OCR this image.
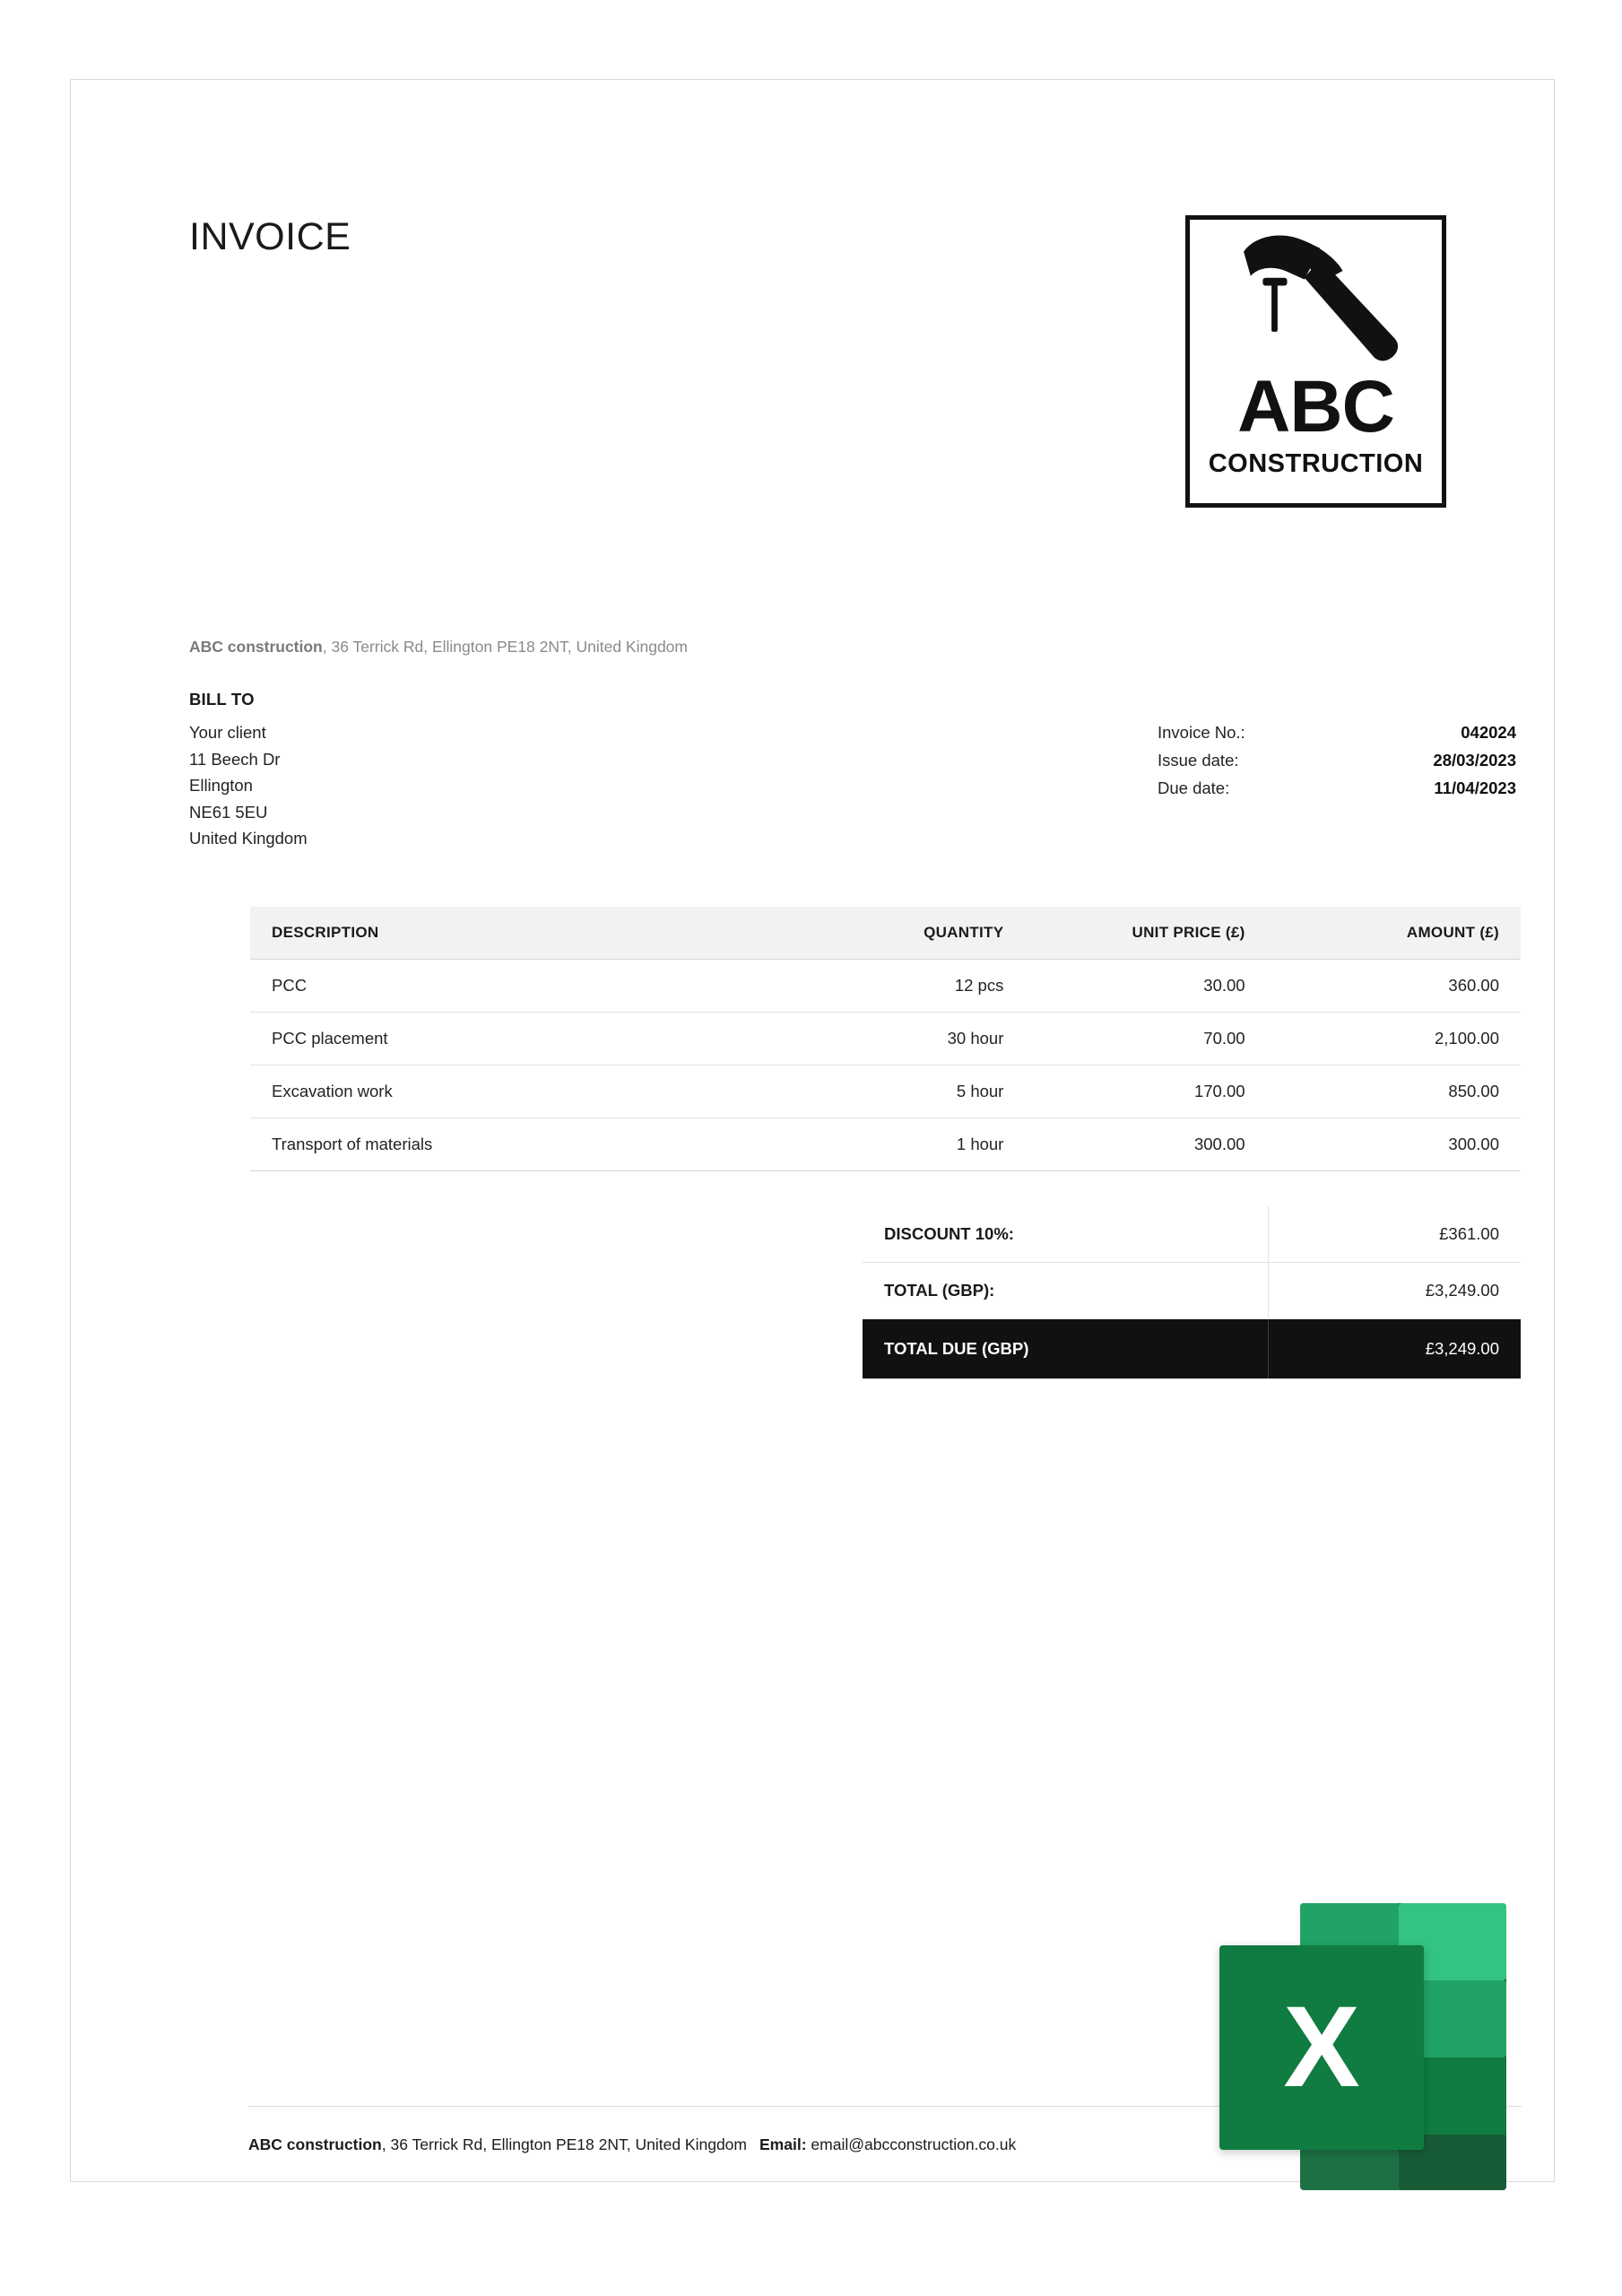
INVOICE
ABC
CONSTRUCTION
ABC construction, 36 Terrick Rd, Ellington PE18 2NT, United Kingdom
BILL TO
Your client
11 Beech Dr
Ellington
NE61 5EU
United Kingdom
Invoice No.:	042024
Issue date:	28/03/2023
Due date:	11/04/2023
DESCRIPTION	QUANTITY	UNIT PRICE (£)	AMOUNT (£)
PCC	12 pcs	30.00	360.00
PCC placement	30 hour	70.00	2,100.00
Excavation work	5 hour	170.00	850.00
Transport of materials	1 hour	300.00	300.00
DISCOUNT 10%:	£361.00
TOTAL (GBP):	£3,249.00
TOTAL DUE (GBP)	£3,249.00
ABC construction, 36 Terrick Rd, Ellington PE18 2NT, United Kingdom Email: email@abcconstruction.co.uk
X
